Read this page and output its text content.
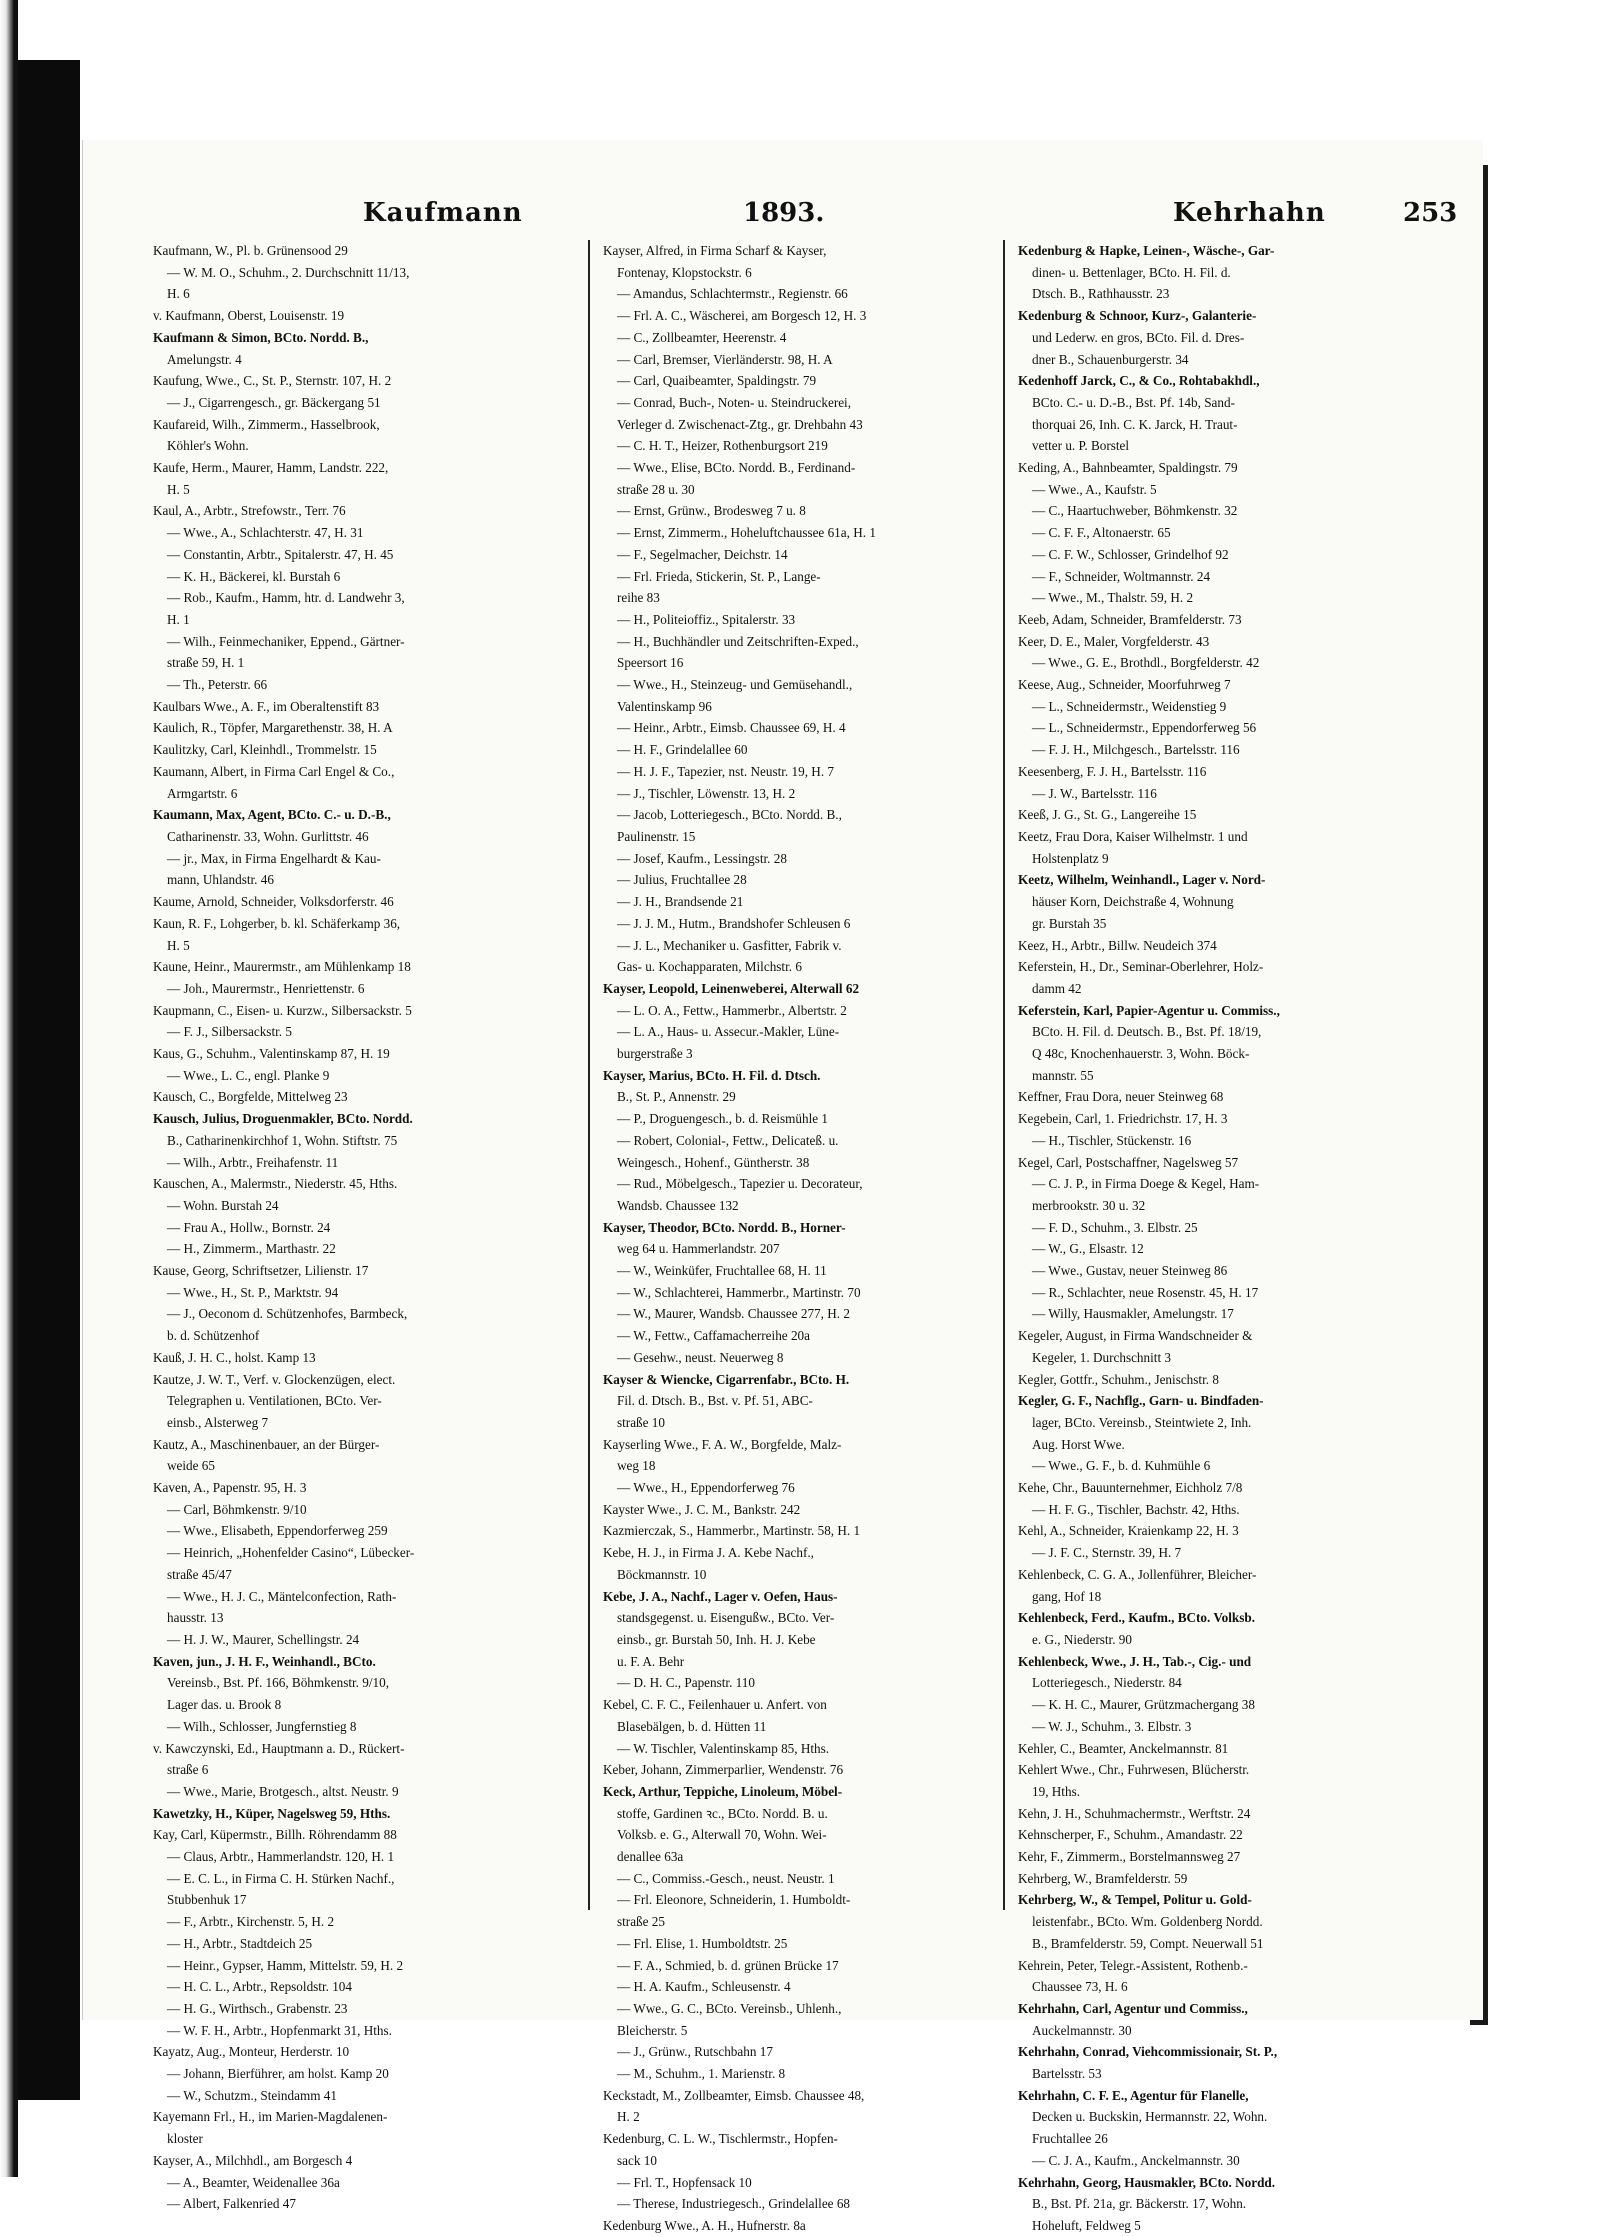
Kaufmann	1893.	Kehrhahn	253
Kaufmann, W., Pl. b. Grünensood 29
— W. M. O., Schuhm., 2. Durchschnitt 11/13,
H. 6
v. Kaufmann, Oberst, Louisenstr. 19
Kaufmann & Simon, BCto. Nordd. B.,
Amelungstr. 4
Kaufung, Wwe., C., St. P., Sternstr. 107, H. 2
— J., Cigarrengesch., gr. Bäckergang 51
Kaufareid, Wilh., Zimmerm., Hasselbrook,
Köhler's Wohn.
Kaufe, Herm., Maurer, Hamm, Landstr. 222,
H. 5
Kaul, A., Arbtr., Strefowstr., Terr. 76
— Wwe., A., Schlachterstr. 47, H. 31
— Constantin, Arbtr., Spitalerstr. 47, H. 45
— K. H., Bäckerei, kl. Burstah 6
— Rob., Kaufm., Hamm, htr. d. Landwehr 3,
H. 1
— Wilh., Feinmechaniker, Eppend., Gärtner-
straße 59, H. 1
— Th., Peterstr. 66
Kaulbars Wwe., A. F., im Oberaltenstift 83
Kaulich, R., Töpfer, Margarethenstr. 38, H. A
Kaulitzky, Carl, Kleinhdl., Trommelstr. 15
Kaumann, Albert, in Firma Carl Engel & Co.,
Armgartstr. 6
Kaumann, Max, Agent, BCto. C.- u. D.-B.,
Catharinenstr. 33, Wohn. Gurlittstr. 46
— jr., Max, in Firma Engelhardt & Kau-
mann, Uhlandstr. 46
Kaume, Arnold, Schneider, Volksdorferstr. 46
Kaun, R. F., Lohgerber, b. kl. Schäferkamp 36,
H. 5
Kaune, Heinr., Maurermstr., am Mühlenkamp 18
— Joh., Maurermstr., Henriettenstr. 6
Kaupmann, C., Eisen- u. Kurzw., Silbersackstr. 5
— F. J., Silbersackstr. 5
Kaus, G., Schuhm., Valentinskamp 87, H. 19
— Wwe., L. C., engl. Planke 9
Kausch, C., Borgfelde, Mittelweg 23
Kausch, Julius, Droguenmakler, BCto. Nordd.
B., Catharinenkirchhof 1, Wohn. Stiftstr. 75
— Wilh., Arbtr., Freihafenstr. 11
Kauschen, A., Malermstr., Niederstr. 45, Hths.
— Wohn. Burstah 24
— Frau A., Hollw., Bornstr. 24
— H., Zimmerm., Marthastr. 22
Kause, Georg, Schriftsetzer, Lilienstr. 17
— Wwe., H., St. P., Marktstr. 94
— J., Oeconom d. Schützenhofes, Barmbeck,
b. d. Schützenhof
Kauß, J. H. C., holst. Kamp 13
Kautze, J. W. T., Verf. v. Glockenzügen, elect.
Telegraphen u. Ventilationen, BCto. Ver-
einsb., Alsterweg 7
Kautz, A., Maschinenbauer, an der Bürger-
weide 65
Kaven, A., Papenstr. 95, H. 3
— Carl, Böhmkenstr. 9/10
— Wwe., Elisabeth, Eppendorferweg 259
— Heinrich, „Hohenfelder Casino“, Lübecker-
straße 45/47
— Wwe., H. J. C., Mäntelconfection, Rath-
hausstr. 13
— H. J. W., Maurer, Schellingstr. 24
Kaven, jun., J. H. F., Weinhandl., BCto.
Vereinsb., Bst. Pf. 166, Böhmkenstr. 9/10,
Lager das. u. Brook 8
— Wilh., Schlosser, Jungfernstieg 8
v. Kawczynski, Ed., Hauptmann a. D., Rückert-
straße 6
— Wwe., Marie, Brotgesch., altst. Neustr. 9
Kawetzky, H., Küper, Nagelsweg 59, Hths.
Kay, Carl, Küpermstr., Billh. Röhrendamm 88
— Claus, Arbtr., Hammerlandstr. 120, H. 1
— E. C. L., in Firma C. H. Stürken Nachf.,
Stubbenhuk 17
— F., Arbtr., Kirchenstr. 5, H. 2
— H., Arbtr., Stadtdeich 25
— Heinr., Gypser, Hamm, Mittelstr. 59, H. 2
— H. C. L., Arbtr., Repsoldstr. 104
— H. G., Wirthsch., Grabenstr. 23
— W. F. H., Arbtr., Hopfenmarkt 31, Hths.
Kayatz, Aug., Monteur, Herderstr. 10
— Johann, Bierführer, am holst. Kamp 20
— W., Schutzm., Steindamm 41
Kayemann Frl., H., im Marien-Magdalenen-
kloster
Kayser, A., Milchhdl., am Borgesch 4
— A., Beamter, Weidenallee 36a
— Albert, Falkenried 47
Kayser, Alfred, in Firma Scharf & Kayser,
Fontenay, Klopstockstr. 6
— Amandus, Schlachtermstr., Regienstr. 66
— Frl. A. C., Wäscherei, am Borgesch 12, H. 3
— C., Zollbeamter, Heerenstr. 4
— Carl, Bremser, Vierländerstr. 98, H. A
— Carl, Quaibeamter, Spaldingstr. 79
— Conrad, Buch-, Noten- u. Steindruckerei,
Verleger d. Zwischenact-Ztg., gr. Drehbahn 43
— C. H. T., Heizer, Rothenburgsort 219
— Wwe., Elise, BCto. Nordd. B., Ferdinand-
straße 28 u. 30
— Ernst, Grünw., Brodesweg 7 u. 8
— Ernst, Zimmerm., Hoheluftchaussee 61a, H. 1
— F., Segelmacher, Deichstr. 14
— Frl. Frieda, Stickerin, St. P., Lange-
reihe 83
— H., Politeioffiz., Spitalerstr. 33
— H., Buchhändler und Zeitschriften-Exped.,
Speersort 16
— Wwe., H., Steinzeug- und Gemüsehandl.,
Valentinskamp 96
— Heinr., Arbtr., Eimsb. Chaussee 69, H. 4
— H. F., Grindelallee 60
— H. J. F., Tapezier, nst. Neustr. 19, H. 7
— J., Tischler, Löwenstr. 13, H. 2
— Jacob, Lotteriegesch., BCto. Nordd. B.,
Paulinenstr. 15
— Josef, Kaufm., Lessingstr. 28
— Julius, Fruchtallee 28
— J. H., Brandsende 21
— J. J. M., Hutm., Brandshofer Schleusen 6
— J. L., Mechaniker u. Gasfitter, Fabrik v.
Gas- u. Kochapparaten, Milchstr. 6
Kayser, Leopold, Leinenweberei, Alterwall 62
— L. O. A., Fettw., Hammerbr., Albertstr. 2
— L. A., Haus- u. Assecur.-Makler, Lüne-
burgerstraße 3
Kayser, Marius, BCto. H. Fil. d. Dtsch.
B., St. P., Annenstr. 29
— P., Droguengesch., b. d. Reismühle 1
— Robert, Colonial-, Fettw., Delicateß. u.
Weingesch., Hohenf., Güntherstr. 38
— Rud., Möbelgesch., Tapezier u. Decorateur,
Wandsb. Chaussee 132
Kayser, Theodor, BCto. Nordd. B., Horner-
weg 64 u. Hammerlandstr. 207
— W., Weinküfer, Fruchtallee 68, H. 11
— W., Schlachterei, Hammerbr., Martinstr. 70
— W., Maurer, Wandsb. Chaussee 277, H. 2
— W., Fettw., Caffamacherreihe 20a
— Gesehw., neust. Neuerweg 8
Kayser & Wiencke, Cigarrenfabr., BCto. H.
Fil. d. Dtsch. B., Bst. v. Pf. 51, ABC-
straße 10
Kayserling Wwe., F. A. W., Borgfelde, Malz-
weg 18
— Wwe., H., Eppendorferweg 76
Kayster Wwe., J. C. M., Bankstr. 242
Kazmierczak, S., Hammerbr., Martinstr. 58, H. 1
Kebe, H. J., in Firma J. A. Kebe Nachf.,
Böckmannstr. 10
Kebe, J. A., Nachf., Lager v. Oefen, Haus-
standsgegenst. u. Eisengußw., BCto. Ver-
einsb., gr. Burstah 50, Inh. H. J. Kebe
u. F. A. Behr
— D. H. C., Papenstr. 110
Kebel, C. F. C., Feilenhauer u. Anfert. von
Blasebälgen, b. d. Hütten 11
— W. Tischler, Valentinskamp 85, Hths.
Keber, Johann, Zimmerparlier, Wendenstr. 76
Keck, Arthur, Teppiche, Linoleum, Möbel-
stoffe, Gardinen ꝛc., BCto. Nordd. B. u.
Volksb. e. G., Alterwall 70, Wohn. Wei-
denallee 63a
— C., Commiss.-Gesch., neust. Neustr. 1
— Frl. Eleonore, Schneiderin, 1. Humboldt-
straße 25
— Frl. Elise, 1. Humboldtstr. 25
— F. A., Schmied, b. d. grünen Brücke 17
— H. A. Kaufm., Schleusenstr. 4
— Wwe., G. C., BCto. Vereinsb., Uhlenh.,
Bleicherstr. 5
— J., Grünw., Rutschbahn 17
— M., Schuhm., 1. Marienstr. 8
Keckstadt, M., Zollbeamter, Eimsb. Chaussee 48,
H. 2
Kedenburg, C. L. W., Tischlermstr., Hopfen-
sack 10
— Frl. T., Hopfensack 10
— Therese, Industriegesch., Grindelallee 68
Kedenburg Wwe., A. H., Hufnerstr. 8a
Kedenburg & Hapke, Leinen-, Wäsche-, Gar-
dinen- u. Bettenlager, BCto. H. Fil. d.
Dtsch. B., Rathhausstr. 23
Kedenburg & Schnoor, Kurz-, Galanterie-
und Lederw. en gros, BCto. Fil. d. Dres-
dner B., Schauenburgerstr. 34
Kedenhoff Jarck, C., & Co., Rohtabakhdl.,
BCto. C.- u. D.-B., Bst. Pf. 14b, Sand-
thorquai 26, Inh. C. K. Jarck, H. Traut-
vetter u. P. Borstel
Keding, A., Bahnbeamter, Spaldingstr. 79
— Wwe., A., Kaufstr. 5
— C., Haartuchweber, Böhmkenstr. 32
— C. F. F., Altonaerstr. 65
— C. F. W., Schlosser, Grindelhof 92
— F., Schneider, Woltmannstr. 24
— Wwe., M., Thalstr. 59, H. 2
Keeb, Adam, Schneider, Bramfelderstr. 73
Keer, D. E., Maler, Vorgfelderstr. 43
— Wwe., G. E., Brothdl., Borgfelderstr. 42
Keese, Aug., Schneider, Moorfuhrweg 7
— L., Schneidermstr., Weidenstieg 9
— L., Schneidermstr., Eppendorferweg 56
— F. J. H., Milchgesch., Bartelsstr. 116
Keesenberg, F. J. H., Bartelsstr. 116
— J. W., Bartelsstr. 116
Keeß, J. G., St. G., Langereihe 15
Keetz, Frau Dora, Kaiser Wilhelmstr. 1 und
Holstenplatz 9
Keetz, Wilhelm, Weinhandl., Lager v. Nord-
häuser Korn, Deichstraße 4, Wohnung
gr. Burstah 35
Keez, H., Arbtr., Billw. Neudeich 374
Keferstein, H., Dr., Seminar-Oberlehrer, Holz-
damm 42
Keferstein, Karl, Papier-Agentur u. Commiss.,
BCto. H. Fil. d. Deutsch. B., Bst. Pf. 18/19,
Q 48c, Knochenhauerstr. 3, Wohn. Böck-
mannstr. 55
Keffner, Frau Dora, neuer Steinweg 68
Kegebein, Carl, 1. Friedrichstr. 17, H. 3
— H., Tischler, Stückenstr. 16
Kegel, Carl, Postschaffner, Nagelsweg 57
— C. J. P., in Firma Doege & Kegel, Ham-
merbrookstr. 30 u. 32
— F. D., Schuhm., 3. Elbstr. 25
— W., G., Elsastr. 12
— Wwe., Gustav, neuer Steinweg 86
— R., Schlachter, neue Rosenstr. 45, H. 17
— Willy, Hausmakler, Amelungstr. 17
Kegeler, August, in Firma Wandschneider &
Kegeler, 1. Durchschnitt 3
Kegler, Gottfr., Schuhm., Jenischstr. 8
Kegler, G. F., Nachflg., Garn- u. Bindfaden-
lager, BCto. Vereinsb., Steintwiete 2, Inh.
Aug. Horst Wwe.
— Wwe., G. F., b. d. Kuhmühle 6
Kehe, Chr., Bauunternehmer, Eichholz 7/8
— H. F. G., Tischler, Bachstr. 42, Hths.
Kehl, A., Schneider, Kraienkamp 22, H. 3
— J. F. C., Sternstr. 39, H. 7
Kehlenbeck, C. G. A., Jollenführer, Bleicher-
gang, Hof 18
Kehlenbeck, Ferd., Kaufm., BCto. Volksb.
e. G., Niederstr. 90
Kehlenbeck, Wwe., J. H., Tab.-, Cig.- und
Lotteriegesch., Niederstr. 84
— K. H. C., Maurer, Grützmachergang 38
— W. J., Schuhm., 3. Elbstr. 3
Kehler, C., Beamter, Anckelmannstr. 81
Kehlert Wwe., Chr., Fuhrwesen, Blücherstr.
19, Hths.
Kehn, J. H., Schuhmachermstr., Werftstr. 24
Kehnscherper, F., Schuhm., Amandastr. 22
Kehr, F., Zimmerm., Borstelmannsweg 27
Kehrberg, W., Bramfelderstr. 59
Kehrberg, W., & Tempel, Politur u. Gold-
leistenfabr., BCto. Wm. Goldenberg Nordd.
B., Bramfelderstr. 59, Compt. Neuerwall 51
Kehrein, Peter, Telegr.-Assistent, Rothenb.-
Chaussee 73, H. 6
Kehrhahn, Carl, Agentur und Commiss.,
Auckelmannstr. 30
Kehrhahn, Conrad, Viehcommissionair, St. P.,
Bartelsstr. 53
Kehrhahn, C. F. E., Agentur für Flanelle,
Decken u. Buckskin, Hermannstr. 22, Wohn.
Fruchtallee 26
— C. J. A., Kaufm., Anckelmannstr. 30
Kehrhahn, Georg, Hausmakler, BCto. Nordd.
B., Bst. Pf. 21a, gr. Bäckerstr. 17, Wohn.
Hoheluft, Feldweg 5
